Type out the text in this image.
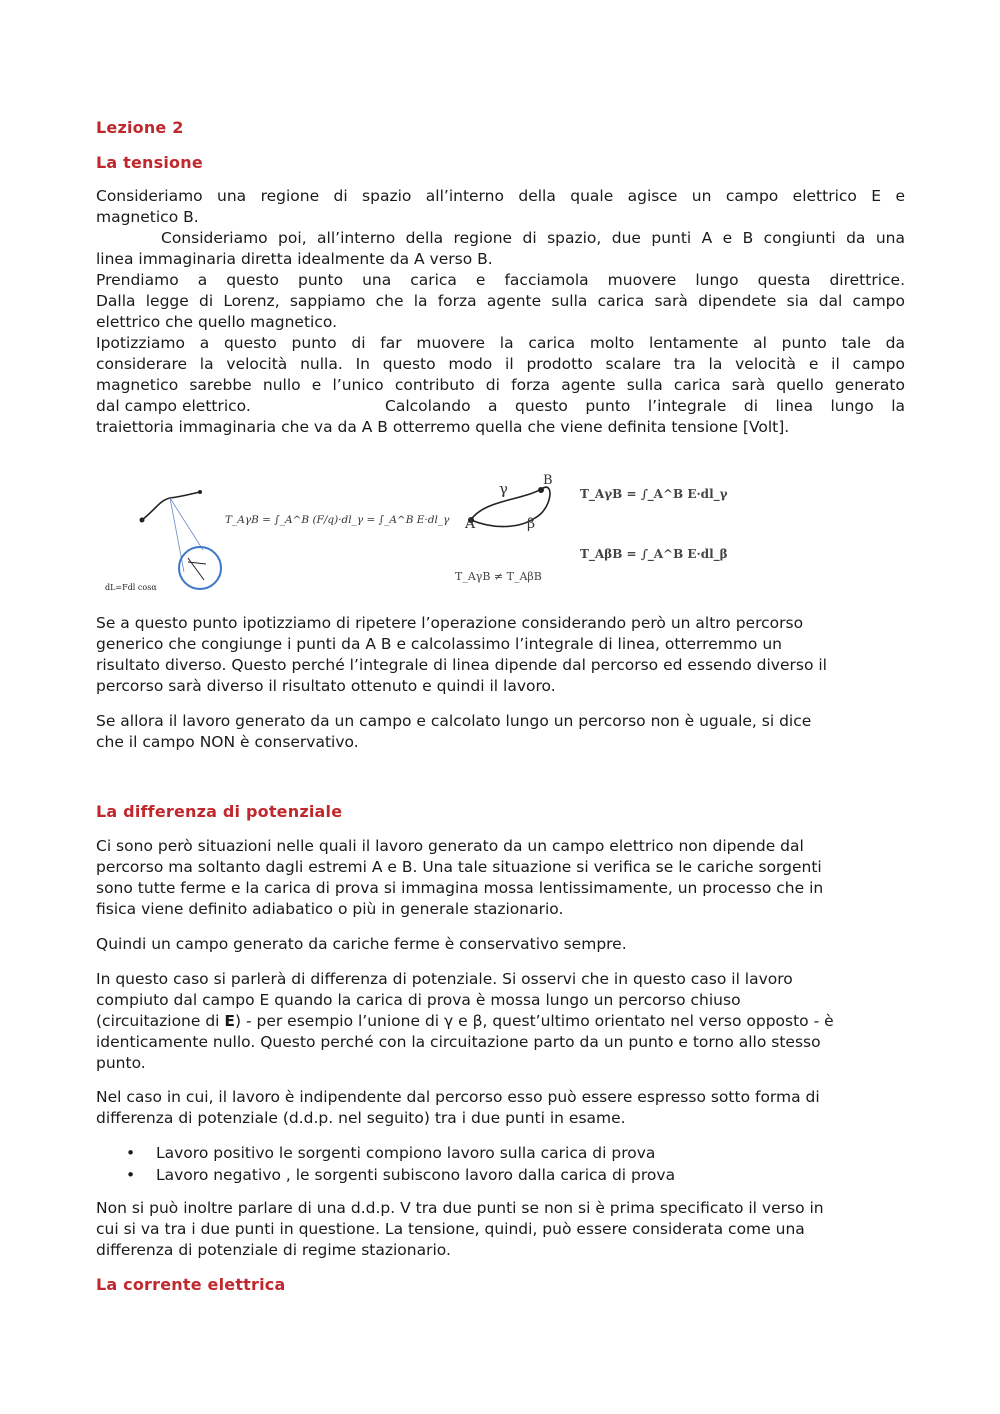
Lezione 2
La tensione
Consideriamo una regione di spazio all’interno della quale agisce un campo elettrico E e
magnetico B.
Consideriamo poi, all’interno della regione di spazio, due punti A e B congiunti da una
linea immaginaria diretta idealmente da A verso B.
Prendiamo a questo punto una carica e facciamola muovere lungo questa direttrice.
Dalla legge di Lorenz, sappiamo che la forza agente sulla carica sarà dipendete sia dal campo
elettrico che quello magnetico.
Ipotizziamo a questo punto di far muovere la carica molto lentamente al punto tale da
considerare la velocità nulla. In questo modo il prodotto scalare tra la velocità e il campo
magnetico sarebbe nullo e l’unico contributo di forza agente sulla carica sarà quello generato
dal campo elettrico.	Calcolando a questo punto l’integrale di linea lungo la
traiettoria immaginaria che va da A B otterremo quella che viene definita tensione [Volt].
dL=Fdl cosα
T_AγB = ∫_A^B (F/q)·dl_γ = ∫_A^B E·dl_γ
γ	B
A	β
T_AγB ≠ T_AβB
T_AγB = ∫_A^B E·dl_γ
T_AβB = ∫_A^B E·dl_β
Se a questo punto ipotizziamo di ripetere l’operazione considerando però un altro percorso
generico che congiunge i punti da A B e calcolassimo l’integrale di linea, otterremmo un
risultato diverso. Questo perché l’integrale di linea dipende dal percorso ed essendo diverso il
percorso sarà diverso il risultato ottenuto e quindi il lavoro.
Se allora il lavoro generato da un campo e calcolato lungo un percorso non è uguale, si dice
che il campo NON è conservativo.
La differenza di potenziale
Ci sono però situazioni nelle quali il lavoro generato da un campo elettrico non dipende dal
percorso ma soltanto dagli estremi A e B. Una tale situazione si verifica se le cariche sorgenti
sono tutte ferme e la carica di prova si immagina mossa lentissimamente, un processo che in
fisica viene definito adiabatico o più in generale stazionario.
Quindi un campo generato da cariche ferme è conservativo sempre.
In questo caso si parlerà di differenza di potenziale. Si osservi che in questo caso il lavoro
compiuto dal campo E quando la carica di prova è mossa lungo un percorso chiuso
(circuitazione di E) - per esempio l’unione di γ e β, quest’ultimo orientato nel verso opposto - è
identicamente nullo. Questo perché con la circuitazione parto da un punto e torno allo stesso
punto.
Nel caso in cui, il lavoro è indipendente dal percorso esso può essere espresso sotto forma di
differenza di potenziale (d.d.p. nel seguito) tra i due punti in esame.
• Lavoro positivo le sorgenti compiono lavoro sulla carica di prova
• Lavoro negativo , le sorgenti subiscono lavoro dalla carica di prova
Non si può inoltre parlare di una d.d.p. V tra due punti se non si è prima specificato il verso in
cui si va tra i due punti in questione. La tensione, quindi, può essere considerata come una
differenza di potenziale di regime stazionario.
La corrente elettrica
